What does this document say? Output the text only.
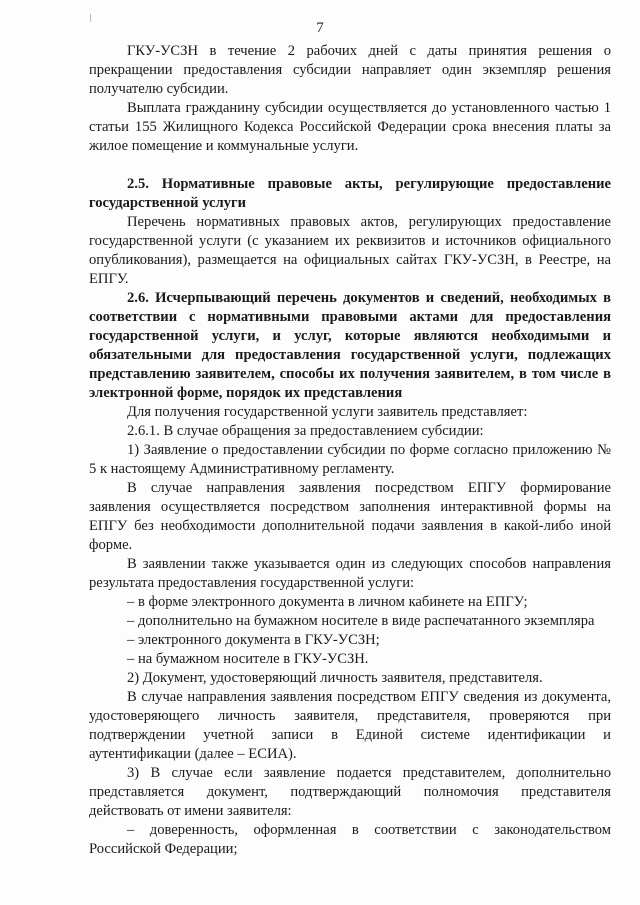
7

ГКУ-УСЗН в течение 2 рабочих дней с даты принятия решения о прекращении предоставления субсидии направляет один экземпляр решения получателю субсидии.

Выплата гражданину субсидии осуществляется до установленного частью 1 статьи 155 Жилищного Кодекса Российской Федерации срока внесения платы за жилое помещение и коммунальные услуги.

2.5. Нормативные правовые акты, регулирующие предоставление государственной услуги

Перечень нормативных правовых актов, регулирующих предоставление государственной услуги (с указанием их реквизитов и источников официального опубликования), размещается на официальных сайтах ГКУ-УСЗН, в Реестре, на ЕПГУ.

2.6. Исчерпывающий перечень документов и сведений, необходимых в соответствии с нормативными правовыми актами для предоставления государственной услуги, и услуг, которые являются необходимыми и обязательными для предоставления государственной услуги, подлежащих представлению заявителем, способы их получения заявителем, в том числе в электронной форме, порядок их представления

Для получения государственной услуги заявитель представляет:

2.6.1. В случае обращения за предоставлением субсидии:

1) Заявление о предоставлении субсидии по форме согласно приложению № 5 к настоящему Административному регламенту.

В случае направления заявления посредством ЕПГУ формирование заявления осуществляется посредством заполнения интерактивной формы на ЕПГУ без необходимости дополнительной подачи заявления в какой-либо иной форме.

В заявлении также указывается один из следующих способов направления результата предоставления государственной услуги:

– в форме электронного документа в личном кабинете на ЕПГУ;

– дополнительно на бумажном носителе в виде распечатанного экземпляра

– электронного документа в ГКУ-УСЗН;

– на бумажном носителе в ГКУ-УСЗН.

2) Документ, удостоверяющий личность заявителя, представителя.

В случае направления заявления посредством ЕПГУ сведения из документа, удостоверяющего личность заявителя, представителя, проверяются при подтверждении учетной записи в Единой системе идентификации и аутентификации (далее – ЕСИА).

3) В случае если заявление подается представителем, дополнительно представляется документ, подтверждающий полномочия представителя действовать от имени заявителя:

– доверенность, оформленная в соответствии с законодательством Российской Федерации;
